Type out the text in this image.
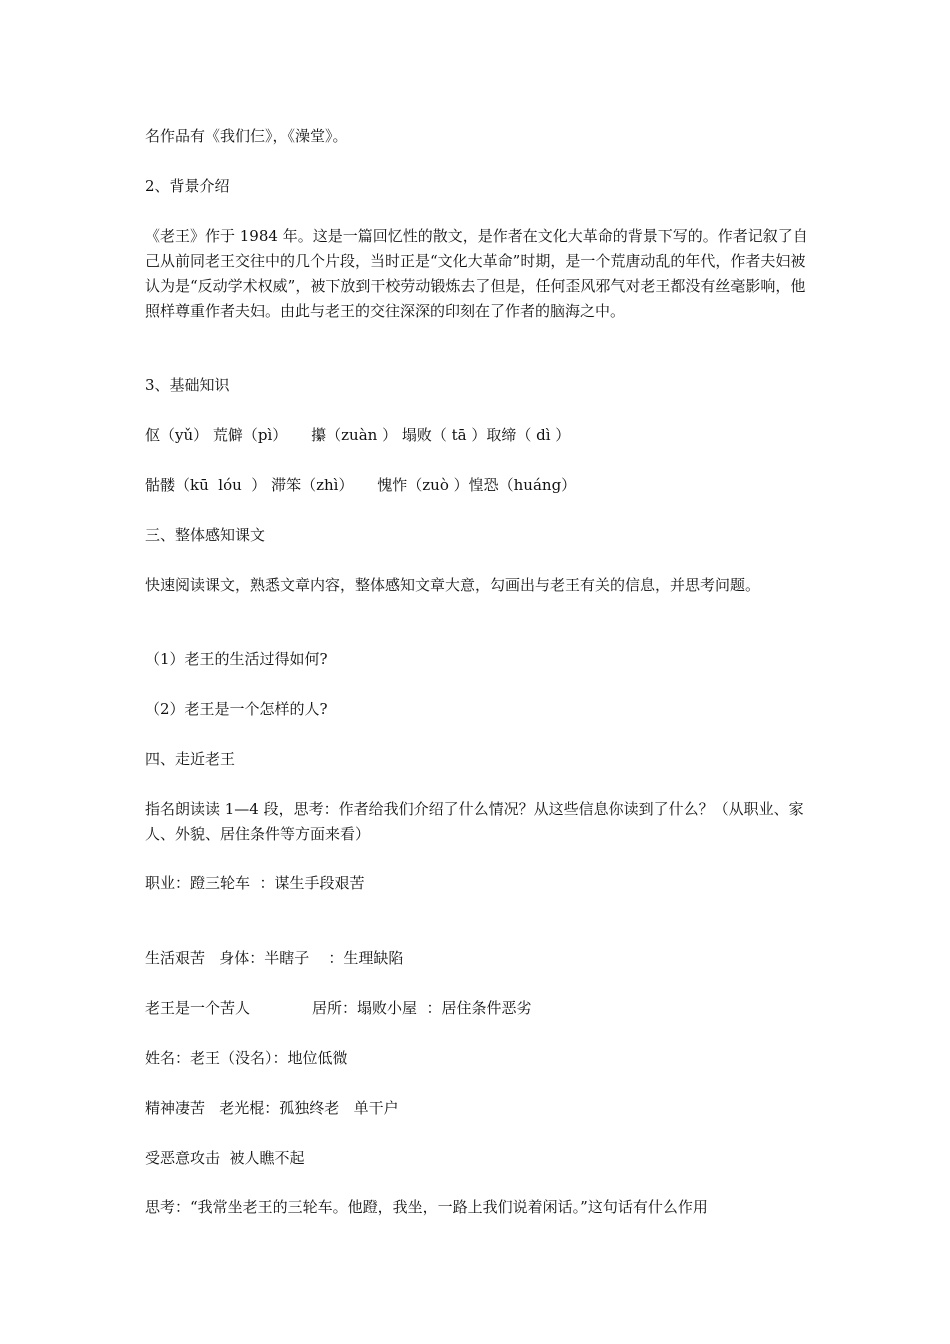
名作品有《我们仨》，《澡堂》。

2、背景介绍

《老王》作于 1984 年。这是一篇回忆性的散文，是作者在文化大革命的背景下写的。作者记叙了自己从前同老王交往中的几个片段，当时正是“文化大革命”时期，是一个荒唐动乱的年代，作者夫妇被认为是“反动学术权威”，被下放到干校劳动锻炼去了但是，任何歪风邪气对老王都没有丝毫影响，他照样尊重作者夫妇。由此与老王的交往深深的印刻在了作者的脑海之中。

3、基础知识

伛（yǔ） 荒僻（pì）     攥（zuàn ） 塌败（ tā ）取缔（ dì ）

骷髅（kū  lóu  ） 滞笨（zhì）     愧怍（zuò ）惶恐（huáng）

三、整体感知课文

快速阅读课文，熟悉文章内容，整体感知文章大意，勾画出与老王有关的信息，并思考问题。

（1）老王的生活过得如何?

（2）老王是一个怎样的人?

四、走近老王

指名朗读读 1—4 段，思考：作者给我们介绍了什么情况？从这些信息你读到了什么？（从职业、家人、外貌、居住条件等方面来看）

职业：蹬三轮车  ：谋生手段艰苦

生活艰苦   身体：半瞎子    ：生理缺陷

老王是一个苦人             居所：塌败小屋  ：居住条件恶劣

姓名：老王（没名）：地位低微

精神凄苦   老光棍：孤独终老   单干户

受恶意攻击  被人瞧不起

思考：“我常坐老王的三轮车。他蹬，我坐，一路上我们说着闲话。”这句话有什么作用
